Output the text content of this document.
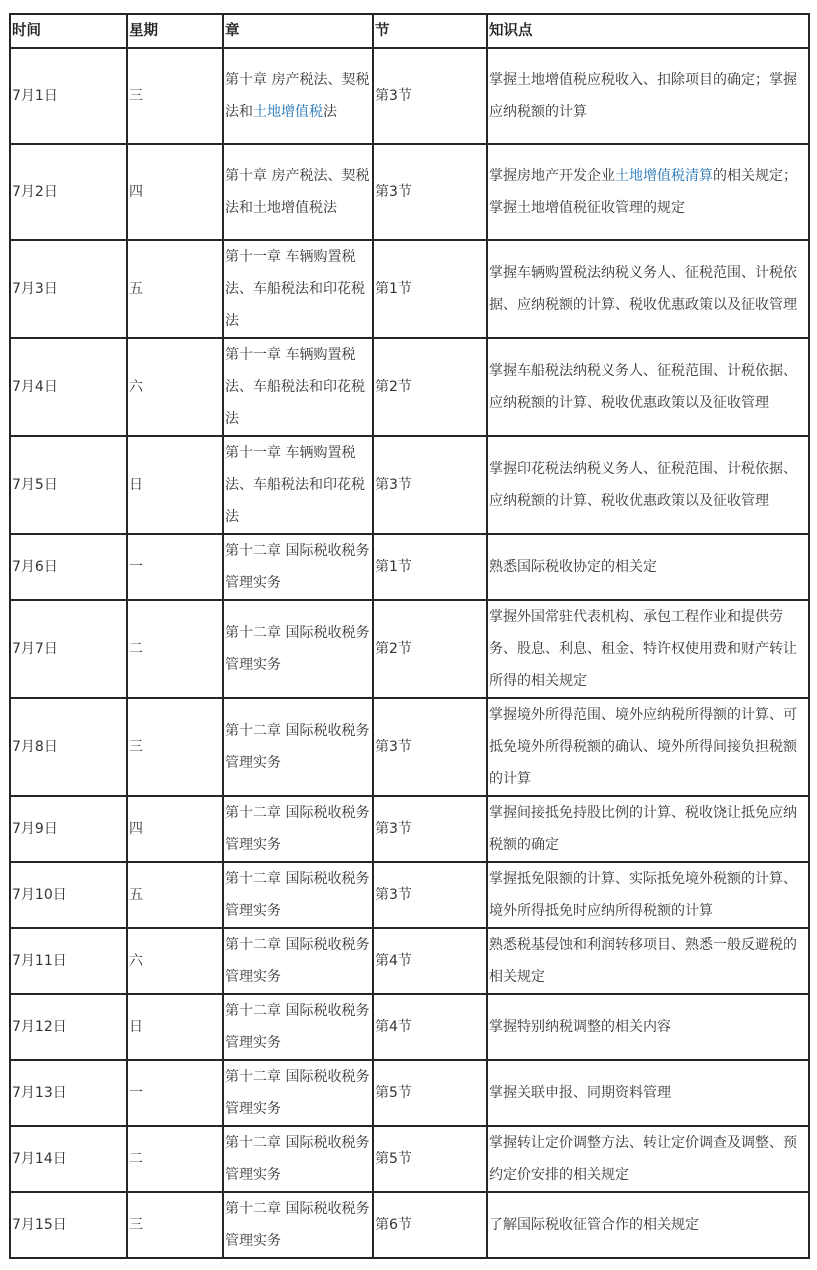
时间	星期	章	节	知识点
7月1日	三	第十章 房产税法、契税法和土地增值税法	第3节	掌握土地增值税应税收入、扣除项目的确定；掌握应纳税额的计算
7月2日	四	第十章 房产税法、契税法和土地增值税法	第3节	掌握房地产开发企业土地增值税清算的相关规定；掌握土地增值税征收管理的规定
7月3日	五	第十一章 车辆购置税法、车船税法和印花税法	第1节	掌握车辆购置税法纳税义务人、征税范围、计税依据、应纳税额的计算、税收优惠政策以及征收管理
7月4日	六	第十一章 车辆购置税法、车船税法和印花税法	第2节	掌握车船税法纳税义务人、征税范围、计税依据、应纳税额的计算、税收优惠政策以及征收管理
7月5日	日	第十一章 车辆购置税法、车船税法和印花税法	第3节	掌握印花税法纳税义务人、征税范围、计税依据、应纳税额的计算、税收优惠政策以及征收管理
7月6日	一	第十二章 国际税收税务管理实务	第1节	熟悉国际税收协定的相关定
7月7日	二	第十二章 国际税收税务管理实务	第2节	掌握外国常驻代表机构、承包工程作业和提供劳务、股息、利息、租金、特许权使用费和财产转让所得的相关规定
7月8日	三	第十二章 国际税收税务管理实务	第3节	掌握境外所得范围、境外应纳税所得额的计算、可抵免境外所得税额的确认、境外所得间接负担税额的计算
7月9日	四	第十二章 国际税收税务管理实务	第3节	掌握间接抵免持股比例的计算、税收饶让抵免应纳税额的确定
7月10日	五	第十二章 国际税收税务管理实务	第3节	掌握抵免限额的计算、实际抵免境外税额的计算、境外所得抵免时应纳所得税额的计算
7月11日	六	第十二章 国际税收税务管理实务	第4节	熟悉税基侵蚀和利润转移项目、熟悉一般反避税的相关规定
7月12日	日	第十二章 国际税收税务管理实务	第4节	掌握特别纳税调整的相关内容
7月13日	一	第十二章 国际税收税务管理实务	第5节	掌握关联申报、同期资料管理
7月14日	二	第十二章 国际税收税务管理实务	第5节	掌握转让定价调整方法、转让定价调查及调整、预约定价安排的相关规定
7月15日	三	第十二章 国际税收税务管理实务	第6节	了解国际税收征管合作的相关规定
